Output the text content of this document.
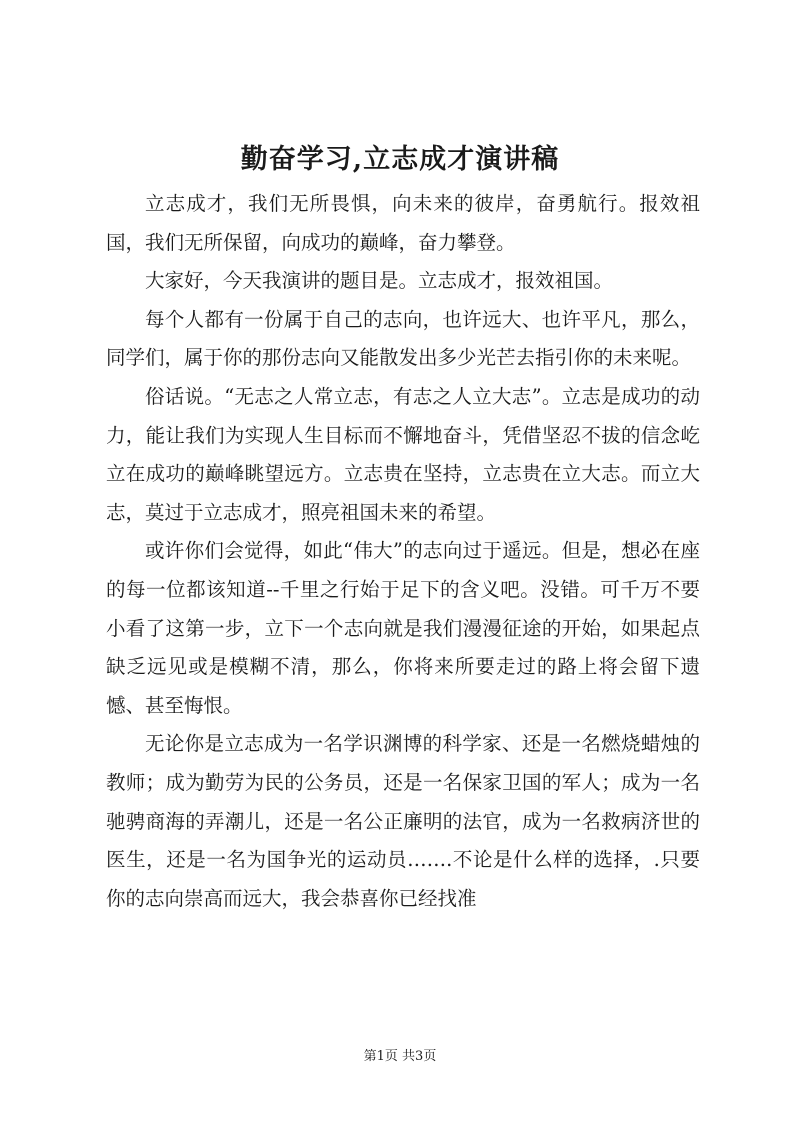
勤奋学习,立志成才演讲稿

立志成才，我们无所畏惧，向未来的彼岸，奋勇航行。报效祖国，我们无所保留，向成功的巅峰，奋力攀登。

大家好，今天我演讲的题目是。立志成才，报效祖国。

每个人都有一份属于自己的志向，也许远大、也许平凡，那么，同学们，属于你的那份志向又能散发出多少光芒去指引你的未来呢。

俗话说。“无志之人常立志，有志之人立大志”。立志是成功的动力，能让我们为实现人生目标而不懈地奋斗，凭借坚忍不拔的信念屹立在成功的巅峰眺望远方。立志贵在坚持，立志贵在立大志。而立大志，莫过于立志成才，照亮祖国未来的希望。

或许你们会觉得，如此“伟大”的志向过于遥远。但是，想必在座的每一位都该知道--千里之行始于足下的含义吧。没错。可千万不要小看了这第一步，立下一个志向就是我们漫漫征途的开始，如果起点缺乏远见或是模糊不清，那么，你将来所要走过的路上将会留下遗憾、甚至悔恨。

无论你是立志成为一名学识渊博的科学家、还是一名燃烧蜡烛的教师；成为勤劳为民的公务员，还是一名保家卫国的军人；成为一名驰骋商海的弄潮儿，还是一名公正廉明的法官，成为一名救病济世的医生，还是一名为国争光的运动员…….不论是什么样的选择，.只要你的志向崇高而远大，我会恭喜你已经找准

第1页 共3页
